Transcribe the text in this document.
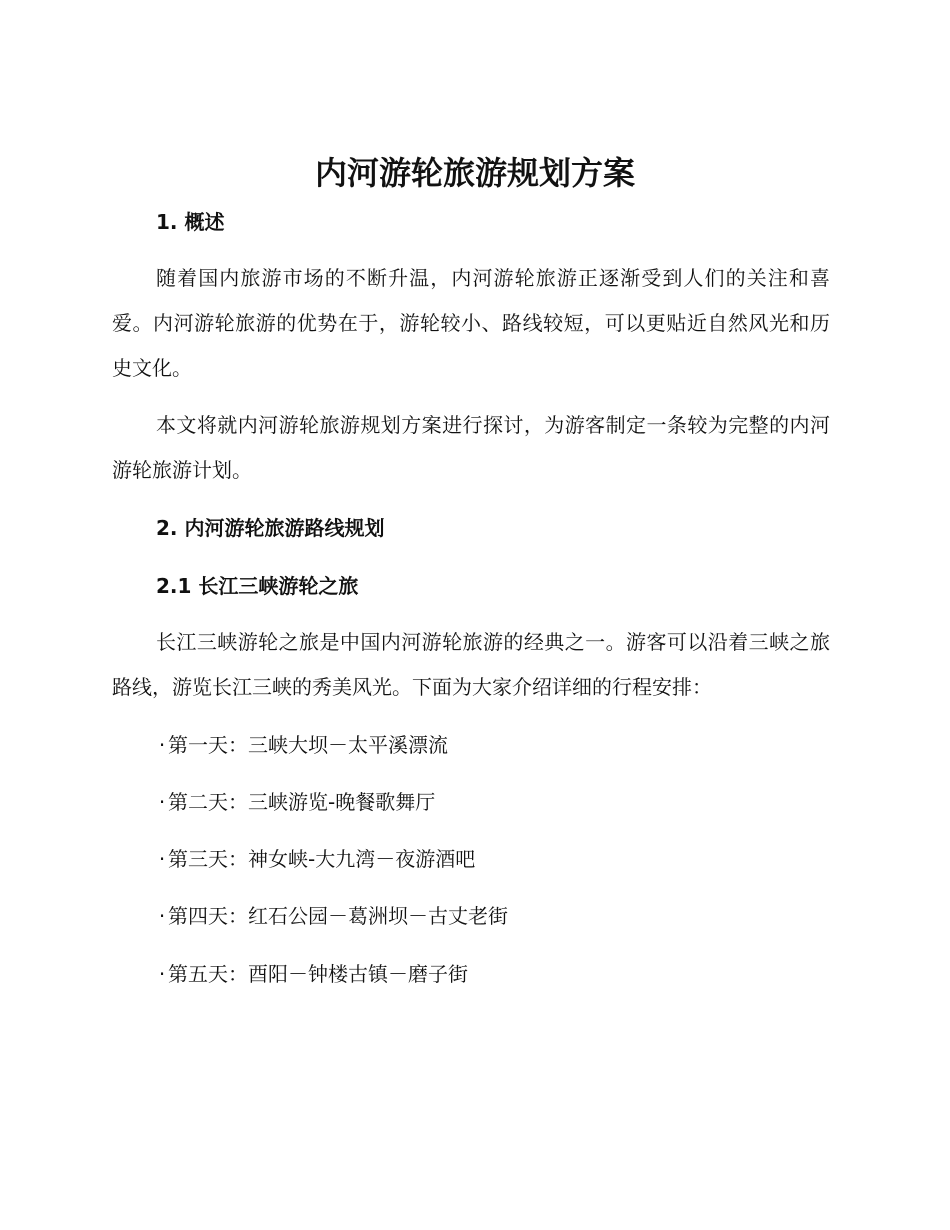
内河游轮旅游规划方案
1. 概述
随着国内旅游市场的不断升温，内河游轮旅游正逐渐受到人们的关注和喜爱。内河游轮旅游的优势在于，游轮较小、路线较短，可以更贴近自然风光和历史文化。
本文将就内河游轮旅游规划方案进行探讨，为游客制定一条较为完整的内河游轮旅游计划。
2. 内河游轮旅游路线规划
2.1 长江三峡游轮之旅
长江三峡游轮之旅是中国内河游轮旅游的经典之一。游客可以沿着三峡之旅路线，游览长江三峡的秀美风光。下面为大家介绍详细的行程安排：
· 第一天：三峡大坝－太平溪漂流
· 第二天：三峡游览-晚餐歌舞厅
· 第三天：神女峡-大九湾－夜游酒吧
· 第四天：红石公园－葛洲坝－古丈老街
· 第五天：酉阳－钟楼古镇－磨子街
